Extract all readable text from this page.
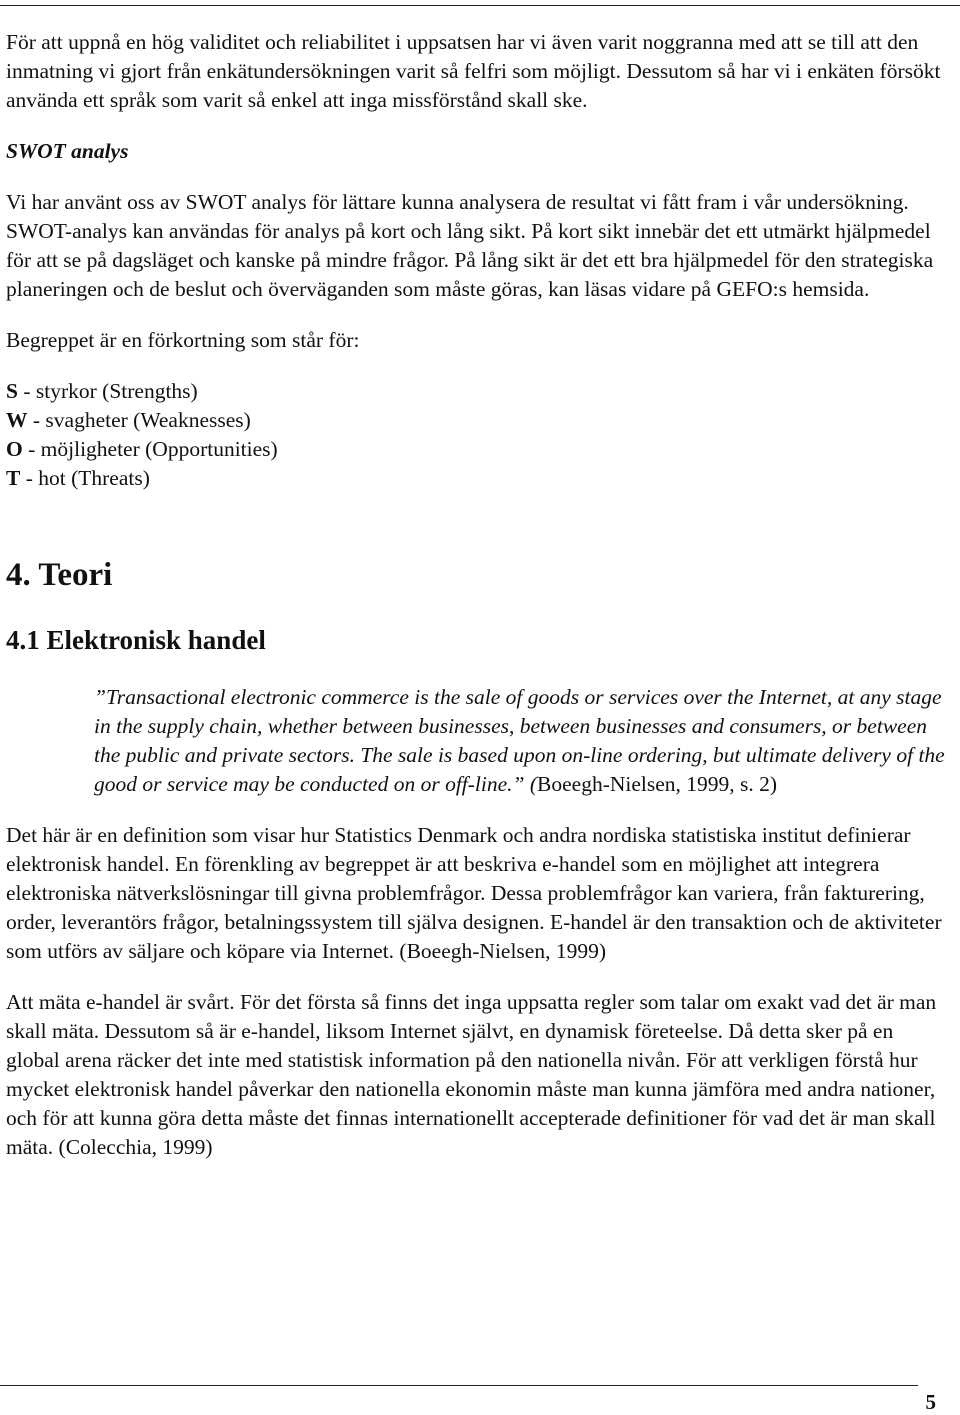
För att uppnå en hög validitet och reliabilitet i uppsatsen har vi även varit noggranna med att se till att den inmatning vi gjort från enkätundersökningen varit så felfri som möjligt. Dessutom så har vi i enkäten försökt använda ett språk som varit så enkel att inga missförstånd skall ske.

SWOT analys

Vi har använt oss av SWOT analys för lättare kunna analysera de resultat vi fått fram i vår undersökning. SWOT-analys kan användas för analys på kort och lång sikt. På kort sikt innebär det ett utmärkt hjälpmedel för att se på dagsläget och kanske på mindre frågor. På lång sikt är det ett bra hjälpmedel för den strategiska planeringen och de beslut och överväganden som måste göras, kan läsas vidare på GEFO:s hemsida.

Begreppet är en förkortning som står för:

S - styrkor (Strengths)
W - svagheter (Weaknesses)
O - möjligheter (Opportunities)
T - hot (Threats)
4. Teori
4.1 Elektronisk handel

”Transactional electronic commerce is the sale of goods or services over the Internet, at any stage in the supply chain, whether between businesses, between businesses and consumers, or between the public and private sectors. The sale is based upon on-line ordering, but ultimate delivery of the good or service may be conducted on or off-line.” (Boeegh-Nielsen, 1999, s. 2)

Det här är en definition som visar hur Statistics Denmark och andra nordiska statistiska institut definierar elektronisk handel. En förenkling av begreppet är att beskriva e-handel som en möjlighet att integrera elektroniska nätverkslösningar till givna problemfrågor. Dessa problemfrågor kan variera, från fakturering, order, leverantörs frågor, betalningssystem till själva designen. E-handel är den transaktion och de aktiviteter som utförs av säljare och köpare via Internet. (Boeegh-Nielsen, 1999)

Att mäta e-handel är svårt. För det första så finns det inga uppsatta regler som talar om exakt vad det är man skall mäta. Dessutom så är e-handel, liksom Internet självt, en dynamisk företeelse. Då detta sker på en global arena räcker det inte med statistisk information på den nationella nivån. För att verkligen förstå hur mycket elektronisk handel påverkar den nationella ekonomin måste man kunna jämföra med andra nationer, och för att kunna göra detta måste det finnas internationellt accepterade definitioner för vad det är man skall mäta. (Colecchia, 1999)

5
